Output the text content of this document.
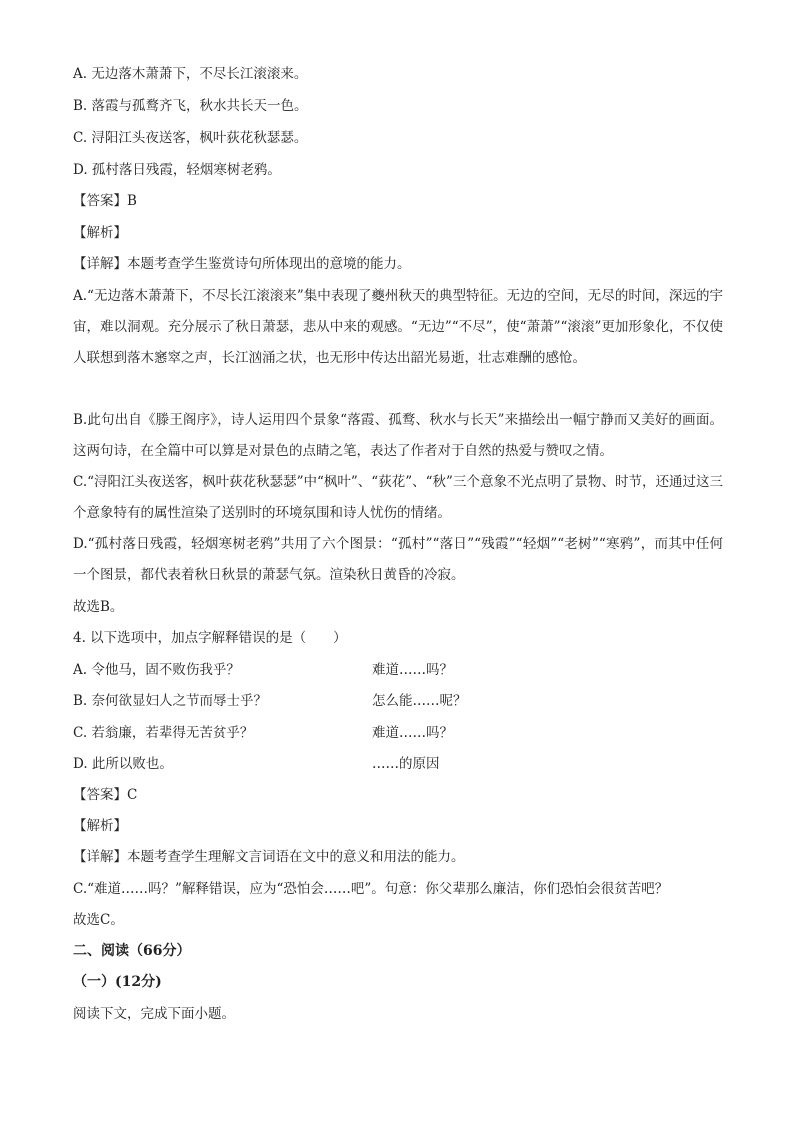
A. 无边落木萧萧下，不尽长江滚滚来。
B. 落霞与孤鹜齐飞，秋水共长天一色。
C. 浔阳江头夜送客，枫叶荻花秋瑟瑟。
D. 孤村落日残霞，轻烟寒树老鸦。
【答案】B
【解析】
【详解】本题考查学生鉴赏诗句所体现出的意境的能力。
A.“无边落木萧萧下，不尽长江滚滚来”集中表现了夔州秋天的典型特征。无边的空间，无尽的时间，深远的宇宙，难以洞观。充分展示了秋日萧瑟，悲从中来的观感。“无边”“不尽”，使“萧萧”“滚滚”更加形象化，不仅使人联想到落木窸窣之声，长江汹涌之状，也无形中传达出韶光易逝，壮志难酬的感怆。
B.此句出自《滕王阁序》，诗人运用四个景象“落霞、孤鹜、秋水与长天”来描绘出一幅宁静而又美好的画面。这两句诗，在全篇中可以算是对景色的点睛之笔，表达了作者对于自然的热爱与赞叹之情。
C.“浔阳江头夜送客，枫叶荻花秋瑟瑟”中“枫叶”、“荻花”、“秋”三个意象不光点明了景物、时节，还通过这三个意象特有的属性渲染了送别时的环境氛围和诗人忧伤的情绪。
D.“孤村落日残霞，轻烟寒树老鸦”共用了六个图景：“孤村”“落日”“残霞”“轻烟”“老树”“寒鸦”，而其中任何一个图景，都代表着秋日秋景的萧瑟气氛。渲染秋日黄昏的冷寂。
故选B。
4. 以下选项中，加点字解释错误的是（　　）
A. 令他马，固不败伤我乎？	难道……吗？
B. 奈何欲显妇人之节而辱士乎？	怎么能……呢？
C. 若翁廉，若辈得无苦贫乎？	难道……吗？
D. 此所以败也。	……的原因
【答案】C
【解析】
【详解】本题考查学生理解文言词语在文中的意义和用法的能力。
C.“难道……吗？”解释错误，应为“恐怕会……吧”。句意：你父辈那么廉洁，你们恐怕会很贫苦吧？
故选C。
二、阅读（66分）
（一）(12分)
阅读下文，完成下面小题。
